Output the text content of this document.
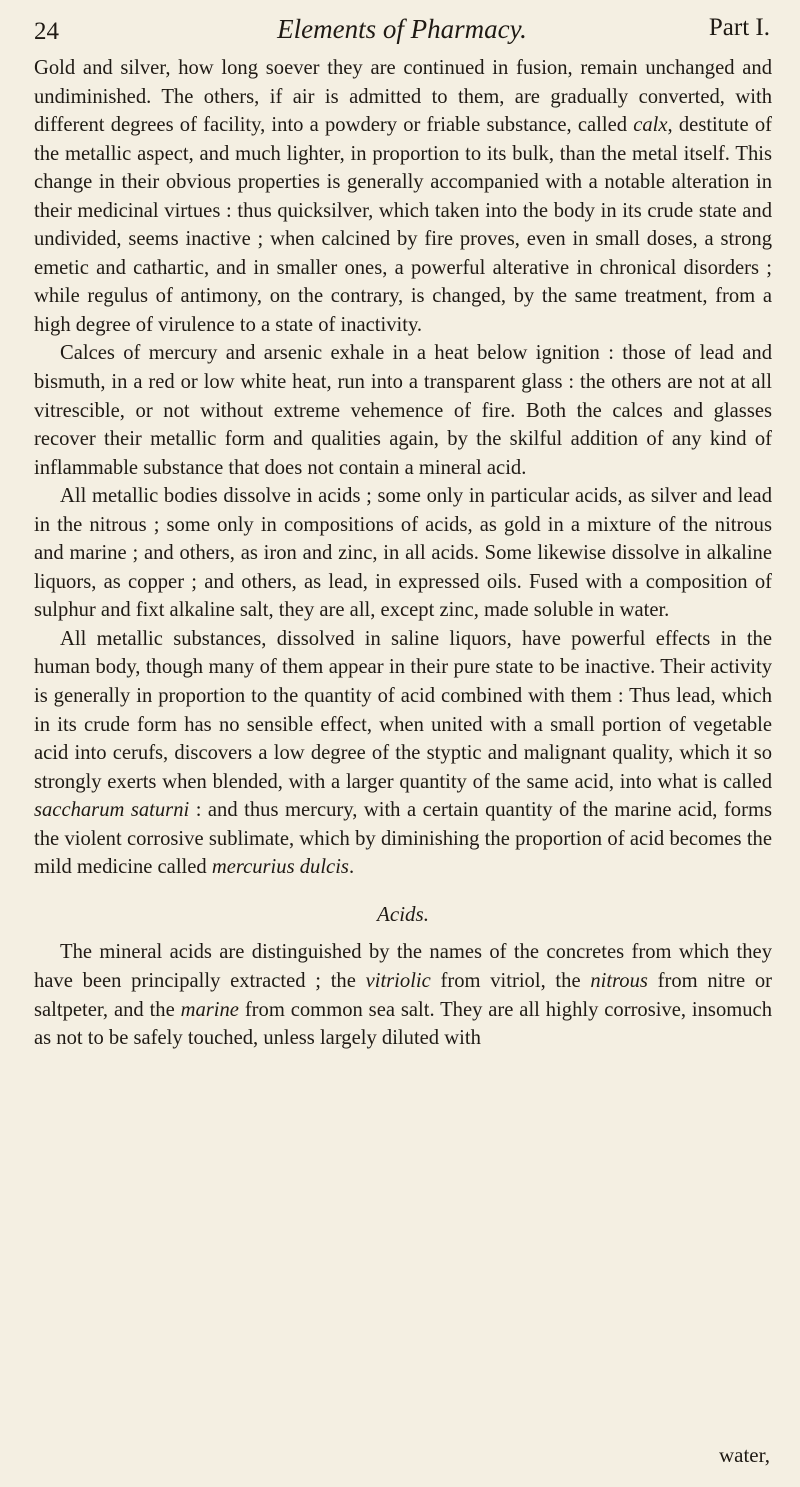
24	Elements of Pharmacy.	Part I.

Gold and silver, how long soever they are continued in fusion, remain unchanged and undiminished. The others, if air is admitted to them, are gradually converted, with different degrees of facility, into a powdery or friable substance, called calx, destitute of the metallic aspect, and much lighter, in proportion to its bulk, than the metal itself. This change in their obvious properties is generally accompanied with a notable alteration in their medicinal virtues : thus quicksilver, which taken into the body in its crude state and undivided, seems inactive ; when calcined by fire proves, even in small doses, a strong emetic and cathartic, and in smaller ones, a powerful alterative in chronical disorders ; while regulus of antimony, on the contrary, is changed, by the same treatment, from a high degree of virulence to a state of inactivity.

Calces of mercury and arsenic exhale in a heat below ignition : those of lead and bismuth, in a red or low white heat, run into a transparent glass : the others are not at all vitrescible, or not without extreme vehemence of fire. Both the calces and glasses recover their metallic form and qualities again, by the skilful addition of any kind of inflammable substance that does not contain a mineral acid.

All metallic bodies dissolve in acids ; some only in particular acids, as silver and lead in the nitrous ; some only in compositions of acids, as gold in a mixture of the nitrous and marine ; and others, as iron and zinc, in all acids. Some likewise dissolve in alkaline liquors, as copper ; and others, as lead, in expressed oils. Fused with a composition of sulphur and fixt alkaline salt, they are all, except zinc, made soluble in water.

All metallic substances, dissolved in saline liquors, have powerful effects in the human body, though many of them appear in their pure state to be inactive. Their activity is generally in proportion to the quantity of acid combined with them : Thus lead, which in its crude form has no sensible effect, when united with a small portion of vegetable acid into cerufs, discovers a low degree of the styptic and malignant quality, which it so strongly exerts when blended, with a larger quantity of the same acid, into what is called saccharum saturni : and thus mercury, with a certain quantity of the marine acid, forms the violent corrosive sublimate, which by diminishing the proportion of acid becomes the mild medicine called mercurius dulcis.

Acids.

The mineral acids are distinguished by the names of the concretes from which they have been principally extracted ; the vitriolic from vitriol, the nitrous from nitre or saltpeter, and the marine from common sea salt. They are all highly corrosive, insomuch as not to be safely touched, unless largely diluted with

water,
